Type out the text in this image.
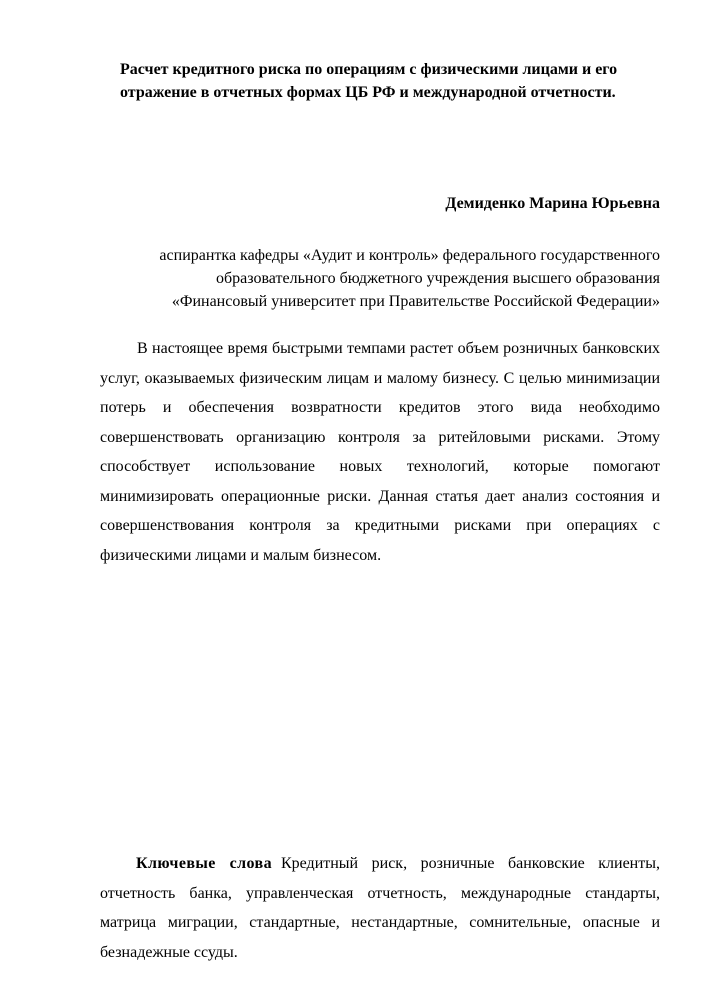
Расчет кредитного риска по операциям с физическими лицами и его
отражение в отчетных формах ЦБ РФ и международной отчетности.
Демиденко Марина Юрьевна
аспирантка кафедры «Аудит и контроль» федерального государственного
образовательного бюджетного учреждения высшего образования
«Финансовый университет при Правительстве Российской Федерации»

В настоящее время быстрыми темпами растет объем розничных банковских услуг, оказываемых физическим лицам и малому бизнесу. С целью минимизации потерь и обеспечения возвратности кредитов этого вида необходимо совершенствовать организацию контроля за ритейловыми рисками. Этому способствует использование новых технологий, которые помогают минимизировать операционные риски. Данная статья дает анализ состояния и совершенствования контроля за кредитными рисками при операциях с физическими лицами и малым бизнесом.

Ключевые слова Кредитный риск, розничные банковские клиенты, отчетность банка, управленческая отчетность, международные стандарты, матрица миграции, стандартные, нестандартные, сомнительные, опасные и безнадежные ссуды.
